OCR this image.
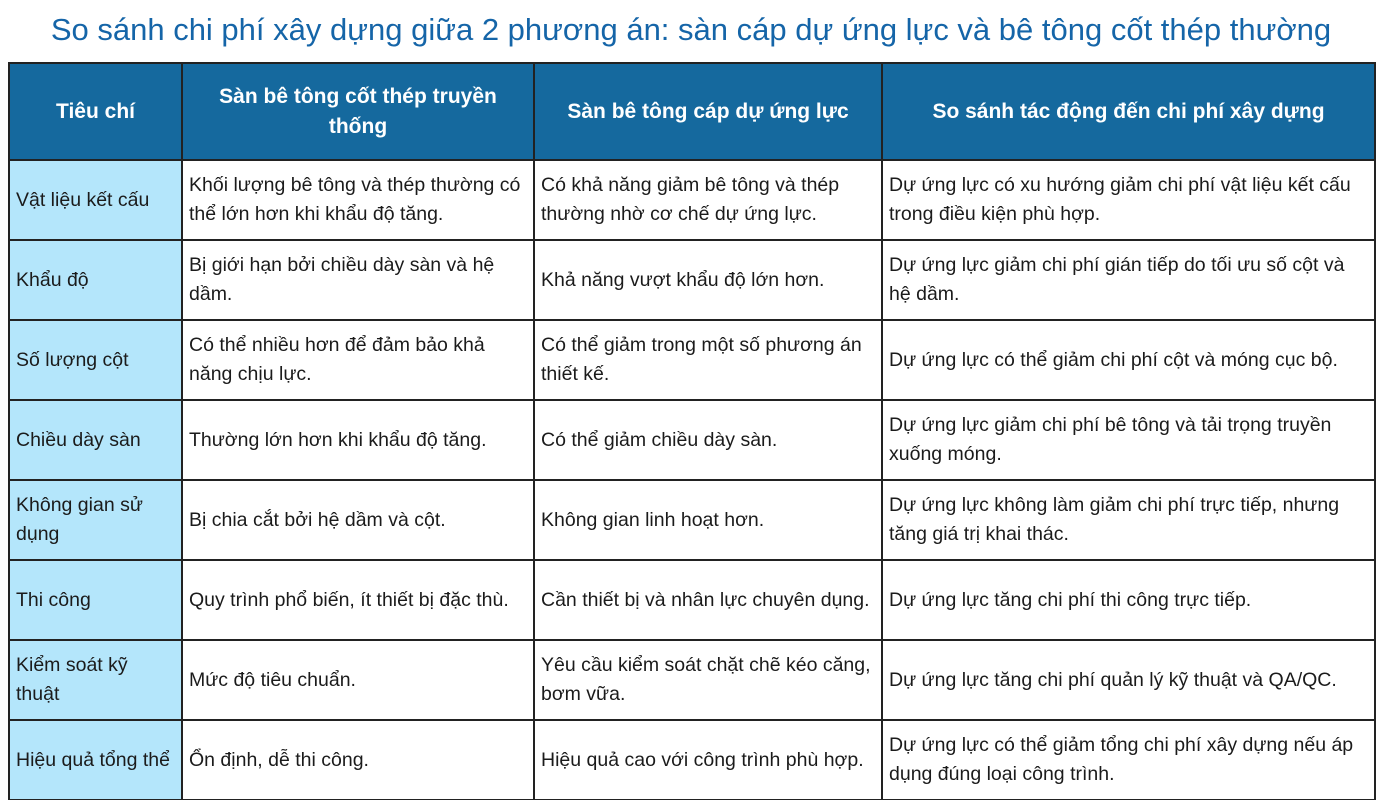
So sánh chi phí xây dựng giữa 2 phương án: sàn cáp dự ứng lực và bê tông cốt thép thường
Tiêu chí	Sàn bê tông cốt thép truyền thống	Sàn bê tông cáp dự ứng lực	So sánh tác động đến chi phí xây dựng
Vật liệu kết cấu	Khối lượng bê tông và thép thường có thể lớn hơn khi khẩu độ tăng.	Có khả năng giảm bê tông và thép thường nhờ cơ chế dự ứng lực.	Dự ứng lực có xu hướng giảm chi phí vật liệu kết cấu trong điều kiện phù hợp.
Khẩu độ	Bị giới hạn bởi chiều dày sàn và hệ dầm.	Khả năng vượt khẩu độ lớn hơn.	Dự ứng lực giảm chi phí gián tiếp do tối ưu số cột và hệ dầm.
Số lượng cột	Có thể nhiều hơn để đảm bảo khả năng chịu lực.	Có thể giảm trong một số phương án thiết kế.	Dự ứng lực có thể giảm chi phí cột và móng cục bộ.
Chiều dày sàn	Thường lớn hơn khi khẩu độ tăng.	Có thể giảm chiều dày sàn.	Dự ứng lực giảm chi phí bê tông và tải trọng truyền xuống móng.
Không gian sử dụng	Bị chia cắt bởi hệ dầm và cột.	Không gian linh hoạt hơn.	Dự ứng lực không làm giảm chi phí trực tiếp, nhưng tăng giá trị khai thác.
Thi công	Quy trình phổ biến, ít thiết bị đặc thù.	Cần thiết bị và nhân lực chuyên dụng.	Dự ứng lực tăng chi phí thi công trực tiếp.
Kiểm soát kỹ thuật	Mức độ tiêu chuẩn.	Yêu cầu kiểm soát chặt chẽ kéo căng, bơm vữa.	Dự ứng lực tăng chi phí quản lý kỹ thuật và QA/QC.
Hiệu quả tổng thể	Ổn định, dễ thi công.	Hiệu quả cao với công trình phù hợp.	Dự ứng lực có thể giảm tổng chi phí xây dựng nếu áp dụng đúng loại công trình.
